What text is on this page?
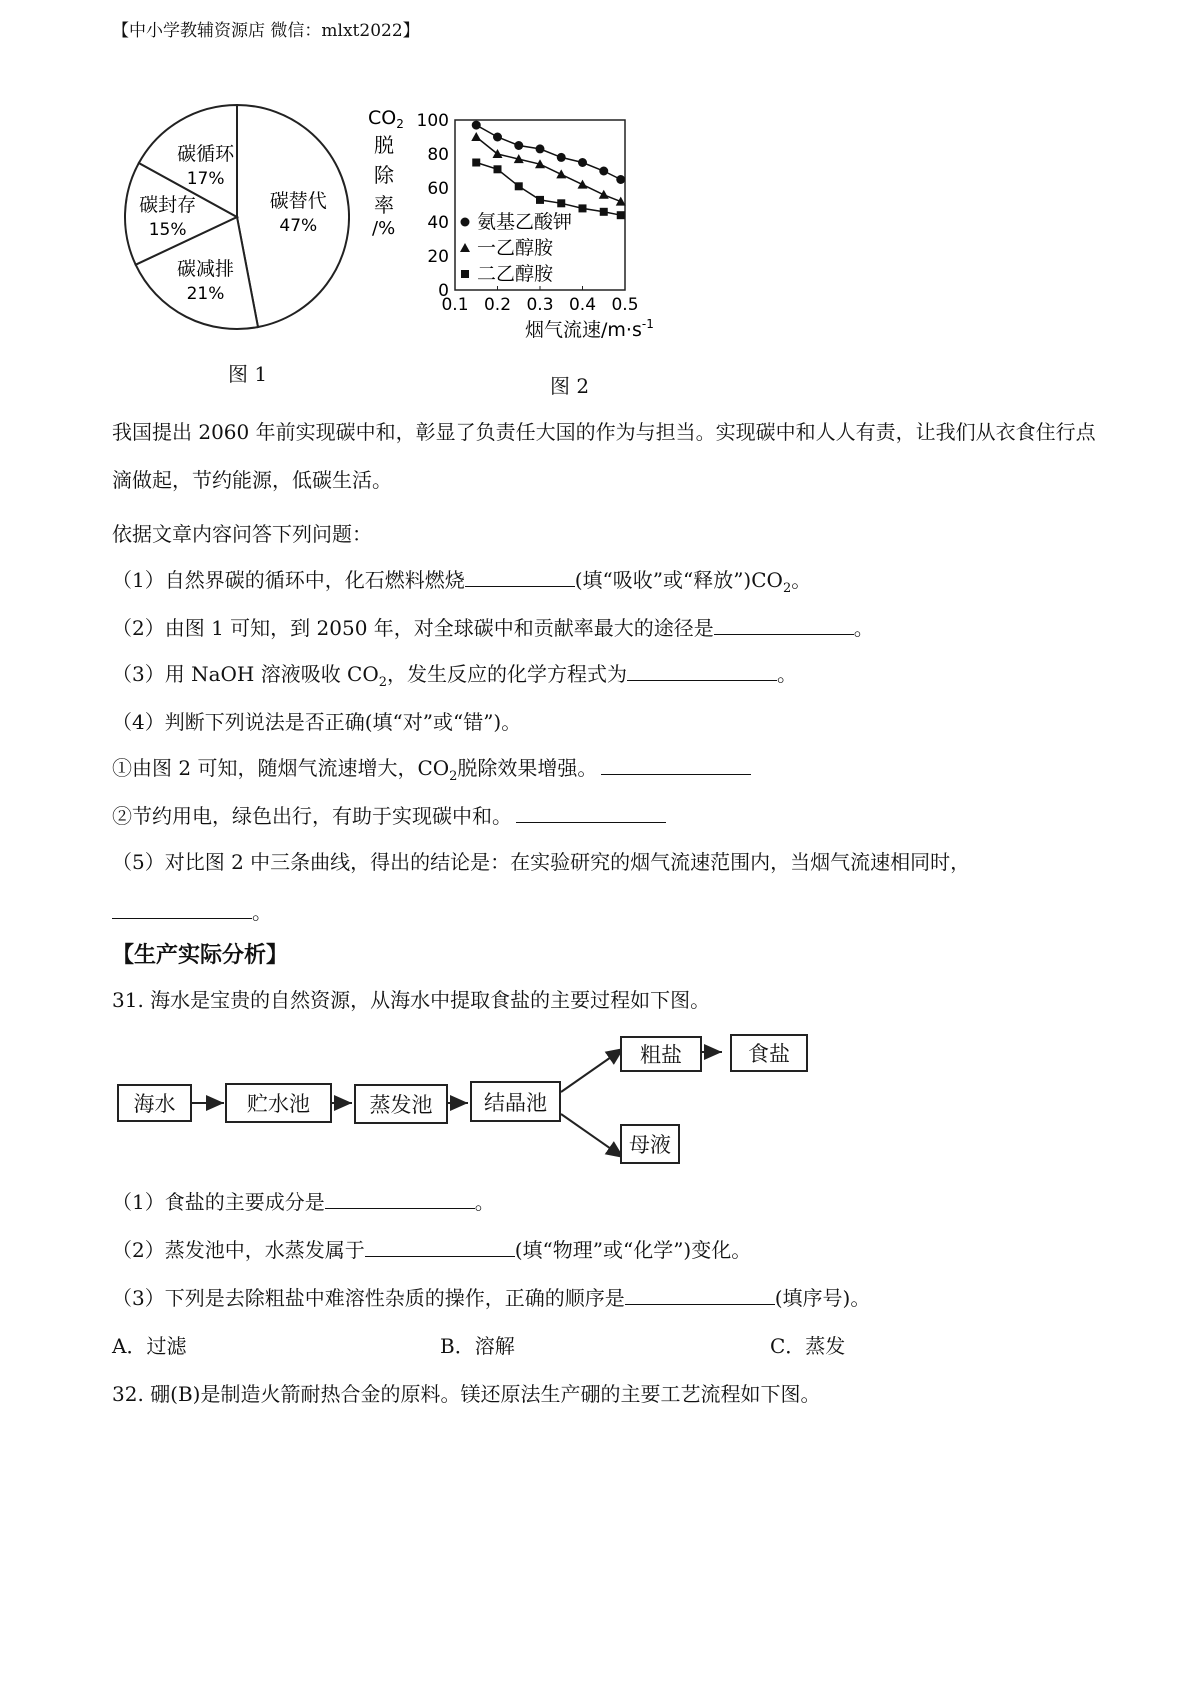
【中小学教辅资源店 微信：mlxt2022】
碳替代
47%
碳减排
21%
碳封存
15%
碳循环
17%
图 1
$CO_2$
脱
除
率
/%
0
20
40
60
80
100
0.1 0.2 0.3 0.4 0.5
氨基乙酸钾
一乙醇胺
二乙醇胺
烟气流速$/m\cdot s^{-1}$
图 2
我国提出 2060 年前实现碳中和，彰显了负责任大国的作为与担当。实现碳中和人人有责，让我们从衣食住行点滴做起，节约能源，低碳生活。
依据文章内容问答下列问题：
（1）自然界碳的循环中，化石燃料燃烧	(填“吸收”或“释放$”)CO_2$。
（2）由图 1 可知，到 2050 年，对全球碳中和贡献率最大的途径是	。
（3）用 NaOH 溶液吸收 $CO_2$，发生反应的化学方程式为	。
（4）判断下列说法是否正确(填“对”或“错”)。
①由图 2 可知，随烟气流速增大，$CO_2$脱除效果增强。
②节约用电，绿色出行，有助于实现碳中和。
（5）对比图 2 中三条曲线，得出的结论是：在实验研究的烟气流速范围内，当烟气流速相同时，
。
【生产实际分析】
31. 海水是宝贵的自然资源，从海水中提取食盐的主要过程如下图。
海水	贮水池	蒸发池	结晶池
粗盐	食盐
母液
（1）食盐的主要成分是	。
（2）蒸发池中，水蒸发属于	(填“物理”或“化学”)变化。
（3）下列是去除粗盐中难溶性杂质的操作，正确的顺序是	(填序号)。
A．过滤	B．溶解	C．蒸发
32. 硼(B)是制造火箭耐热合金的原料。镁还原法生产硼的主要工艺流程如下图。
